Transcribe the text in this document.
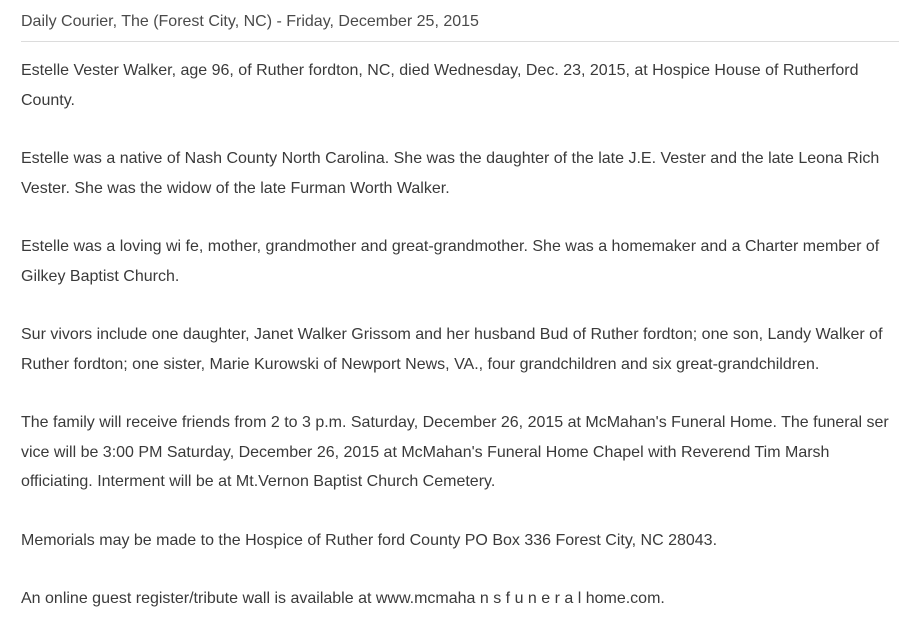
Daily Courier, The (Forest City, NC) - Friday, December 25, 2015

Estelle Vester Walker, age 96, of Ruther fordton, NC, died Wednesday, Dec. 23, 2015, at Hospice House of Rutherford County.

Estelle was a native of Nash County North Carolina. She was the daughter of the late J.E. Vester and the late Leona Rich Vester. She was the widow of the late Furman Worth Walker.

Estelle was a loving wi fe, mother, grandmother and great-grandmother. She was a homemaker and a Charter member of Gilkey Baptist Church.

Sur vivors include one daughter, Janet Walker Grissom and her husband Bud of Ruther fordton; one son, Landy Walker of Ruther fordton; one sister, Marie Kurowski of Newport News, VA., four grandchildren and six great-grandchildren.

The family will receive friends from 2 to 3 p.m. Saturday, December 26, 2015 at McMahan's Funeral Home. The funeral ser vice will be 3:00 PM Saturday, December 26, 2015 at McMahan's Funeral Home Chapel with Reverend Tim Marsh officiating. Interment will be at Mt.Vernon Baptist Church Cemetery.

Memorials may be made to the Hospice of Ruther ford County PO Box 336 Forest City, NC 28043.

An online guest register/tribute wall is available at www.mcmaha n s f u n e r a l home.com.
